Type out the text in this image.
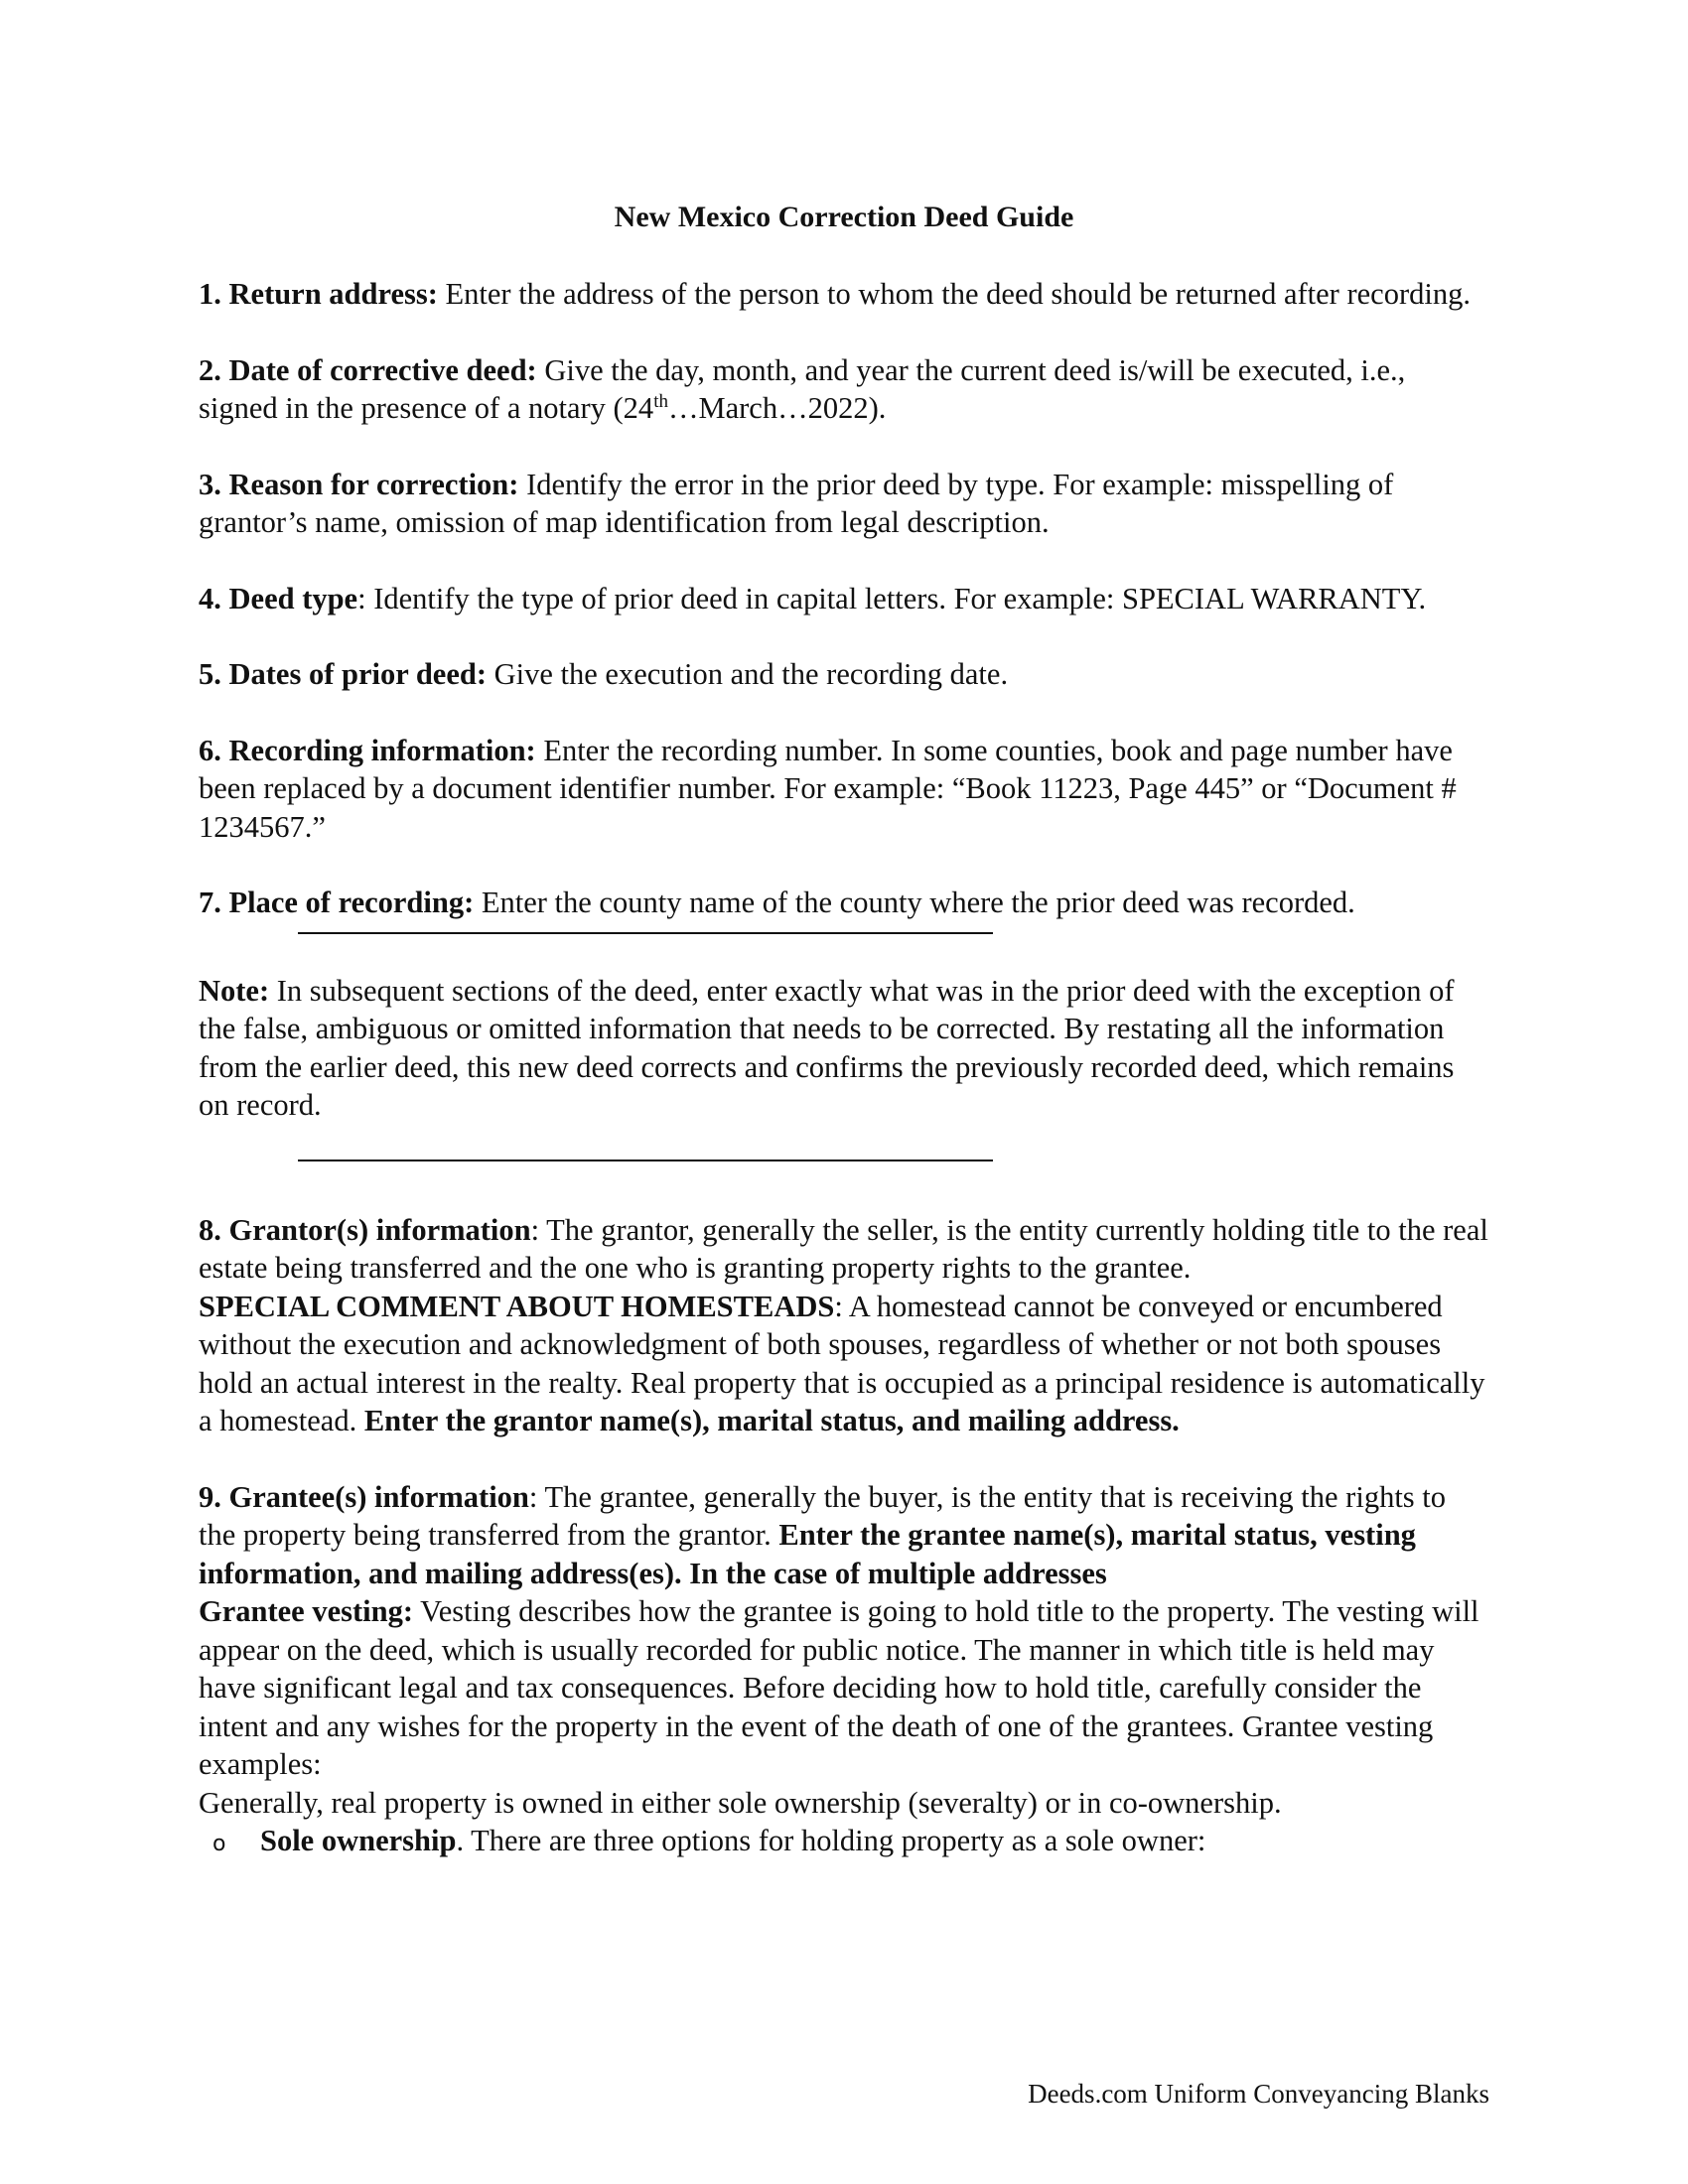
New Mexico Correction Deed Guide

1. Return address: Enter the address of the person to whom the deed should be returned after recording.

2. Date of corrective deed: Give the day, month, and year the current deed is/will be executed, i.e., signed in the presence of a notary (24th…March…2022).

3. Reason for correction: Identify the error in the prior deed by type. For example: misspelling of grantor’s name, omission of map identification from legal description.

4. Deed type: Identify the type of prior deed in capital letters. For example: SPECIAL WARRANTY.

5. Dates of prior deed: Give the execution and the recording date.

6. Recording information: Enter the recording number. In some counties, book and page number have been replaced by a document identifier number. For example: “Book 11223, Page 445” or “Document # 1234567.”

7. Place of recording: Enter the county name of the county where the prior deed was recorded.

Note: In subsequent sections of the deed, enter exactly what was in the prior deed with the exception of the false, ambiguous or omitted information that needs to be corrected. By restating all the information from the earlier deed, this new deed corrects and confirms the previously recorded deed, which remains on record.

8. Grantor(s) information: The grantor, generally the seller, is the entity currently holding title to the real estate being transferred and the one who is granting property rights to the grantee.
SPECIAL COMMENT ABOUT HOMESTEADS: A homestead cannot be conveyed or encumbered without the execution and acknowledgment of both spouses, regardless of whether or not both spouses hold an actual interest in the realty. Real property that is occupied as a principal residence is automatically a homestead. Enter the grantor name(s), marital status, and mailing address.

9. Grantee(s) information: The grantee, generally the buyer, is the entity that is receiving the rights to the property being transferred from the grantor. Enter the grantee name(s), marital status, vesting information, and mailing address(es). In the case of multiple addresses
Grantee vesting: Vesting describes how the grantee is going to hold title to the property. The vesting will appear on the deed, which is usually recorded for public notice. The manner in which title is held may have significant legal and tax consequences. Before deciding how to hold title, carefully consider the intent and any wishes for the property in the event of the death of one of the grantees. Grantee vesting examples:
Generally, real property is owned in either sole ownership (severalty) or in co-ownership.

o	Sole ownership. There are three options for holding property as a sole owner:

Deeds.com Uniform Conveyancing Blanks
